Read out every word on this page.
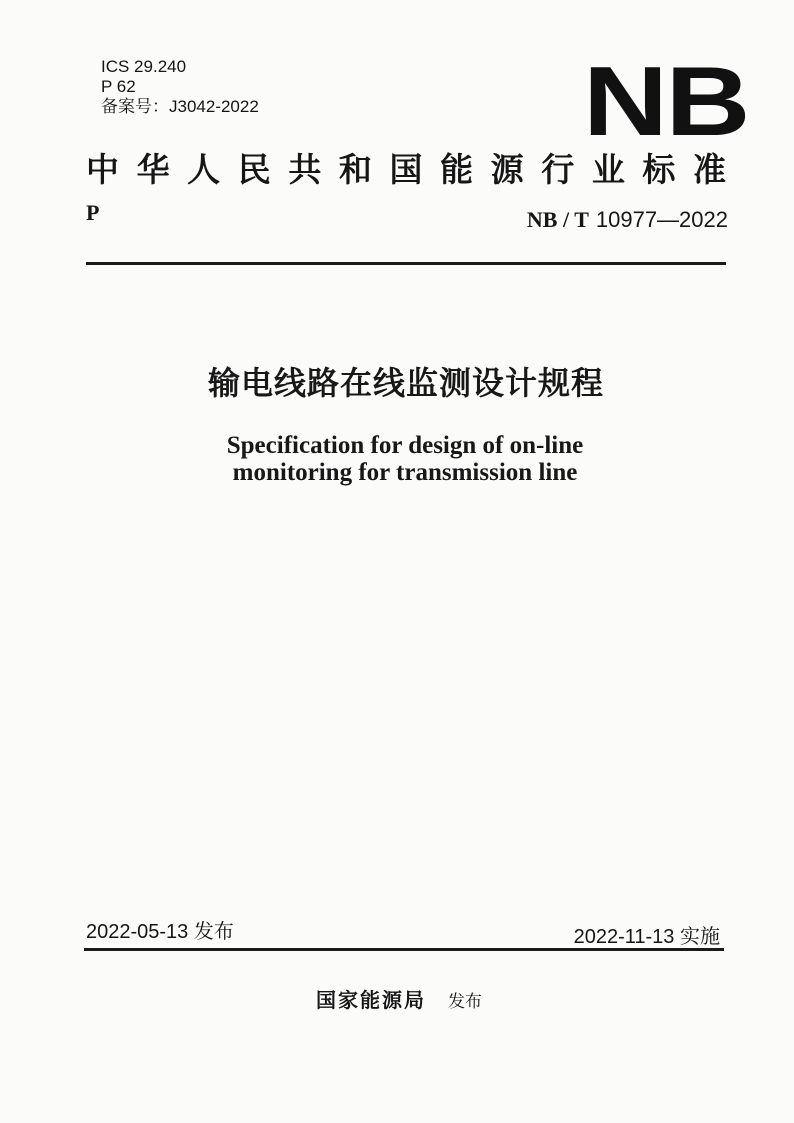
ICS 29.240
P 62
备案号：J3042-2022	NB
中华人民共和国能源行业标准
P	NB / T 10977—2022
输电线路在线监测设计规程
Specification for design of on-line
monitoring for transmission line
2022-05-13 发布	2022-11-13 实施
国家能源局 发布
